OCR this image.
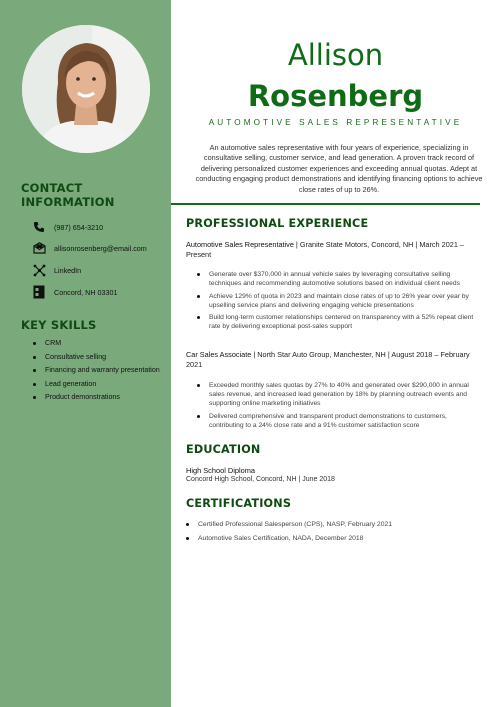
CONTACT INFORMATION
(987) 654-3210
allisonrosenberg@email.com
LinkedIn
Concord, NH 03301
KEY SKILLS
CRM
Consultative selling
Financing and warranty presentation
Lead generation
Product demonstrations
Allison
Rosenberg
AUTOMOTIVE SALES REPRESENTATIVE
An automotive sales representative with four years of experience, specializing in consultative selling, customer service, and lead generation. A proven track record of delivering personalized customer experiences and exceeding annual quotas. Adept at conducting engaging product demonstrations and identifying financing options to achieve close rates of up to 26%.
PROFESSIONAL EXPERIENCE
Automotive Sales Representative | Granite State Motors, Concord, NH | March 2021 – Present
Generate over $370,000 in annual vehicle sales by leveraging consultative selling techniques and recommending automotive solutions based on individual client needs
Achieve 129% of quota in 2023 and maintain close rates of up to 26% year over year by upselling service plans and delivering engaging vehicle presentations
Build long-term customer relationships centered on transparency with a 52% repeat client rate by delivering exceptional post-sales support
Car Sales Associate | North Star Auto Group, Manchester, NH | August 2018 – February 2021
Exceeded monthly sales quotas by 27% to 40% and generated over $290,000 in annual sales revenue, and increased lead generation by 18% by planning outreach events and supporting online marketing initiatives
Delivered comprehensive and transparent product demonstrations to customers, contributing to a 24% close rate and a 91% customer satisfaction score
EDUCATION
High School Diploma
Concord High School, Concord, NH | June 2018
CERTIFICATIONS
Certified Professional Salesperson (CPS), NASP, February 2021
Automotive Sales Certification, NADA, December 2018
